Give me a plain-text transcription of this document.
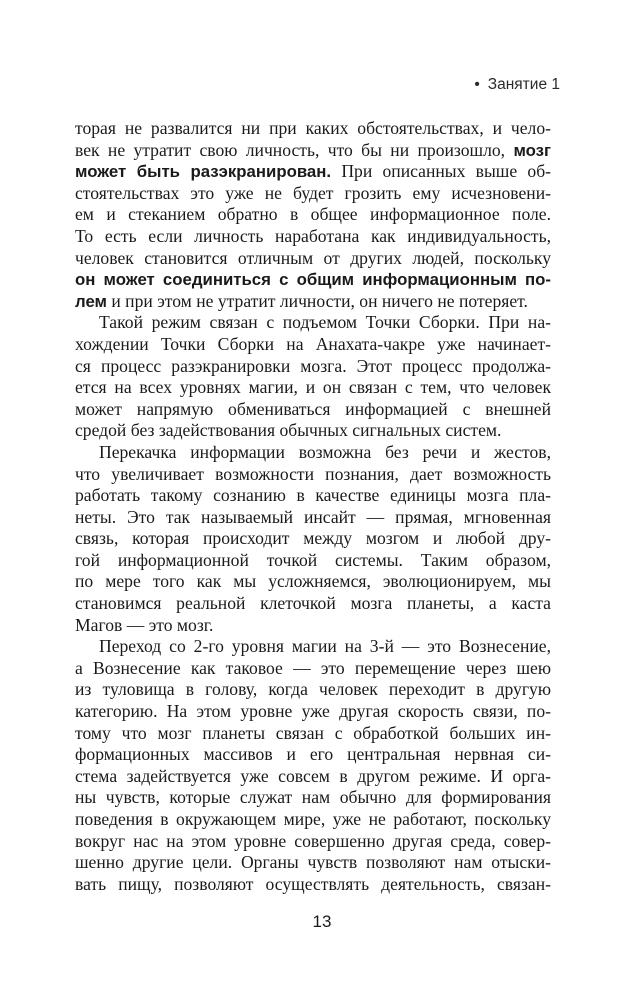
• Занятие 1
торая не развалится ни при каких обстоятельствах, и чело-
век не утратит свою личность, что бы ни произошло, мозг
может быть разэкранирован. При описанных выше об-
стоятельствах это уже не будет грозить ему исчезновени-
ем и стеканием обратно в общее информационное поле.
То есть если личность наработана как индивидуальность,
человек становится отличным от других людей, поскольку
он может соединиться с общим информационным по-
лем и при этом не утратит личности, он ничего не потеряет.
Такой режим связан с подъемом Точки Сборки. При на-
хождении Точки Сборки на Анахата-чакре уже начинает-
ся процесс разэкранировки мозга. Этот процесс продолжа-
ется на всех уровнях магии, и он связан с тем, что человек
может напрямую обмениваться информацией с внешней
средой без задействования обычных сигнальных систем.
Перекачка информации возможна без речи и жестов,
что увеличивает возможности познания, дает возможность
работать такому сознанию в качестве единицы мозга пла-
неты. Это так называемый инсайт — прямая, мгновенная
связь, которая происходит между мозгом и любой дру-
гой информационной точкой системы. Таким образом,
по мере того как мы усложняемся, эволюционируем, мы
становимся реальной клеточкой мозга планеты, а каста
Магов — это мозг.
Переход со 2-го уровня магии на 3-й — это Вознесение,
а Вознесение как таковое — это перемещение через шею
из туловища в голову, когда человек переходит в другую
категорию. На этом уровне уже другая скорость связи, по-
тому что мозг планеты связан с обработкой больших ин-
формационных массивов и его центральная нервная си-
стема задействуется уже совсем в другом режиме. И орга-
ны чувств, которые служат нам обычно для формирования
поведения в окружающем мире, уже не работают, поскольку
вокруг нас на этом уровне совершенно другая среда, совер-
шенно другие цели. Органы чувств позволяют нам отыски-
вать пищу, позволяют осуществлять деятельность, связан-
13
